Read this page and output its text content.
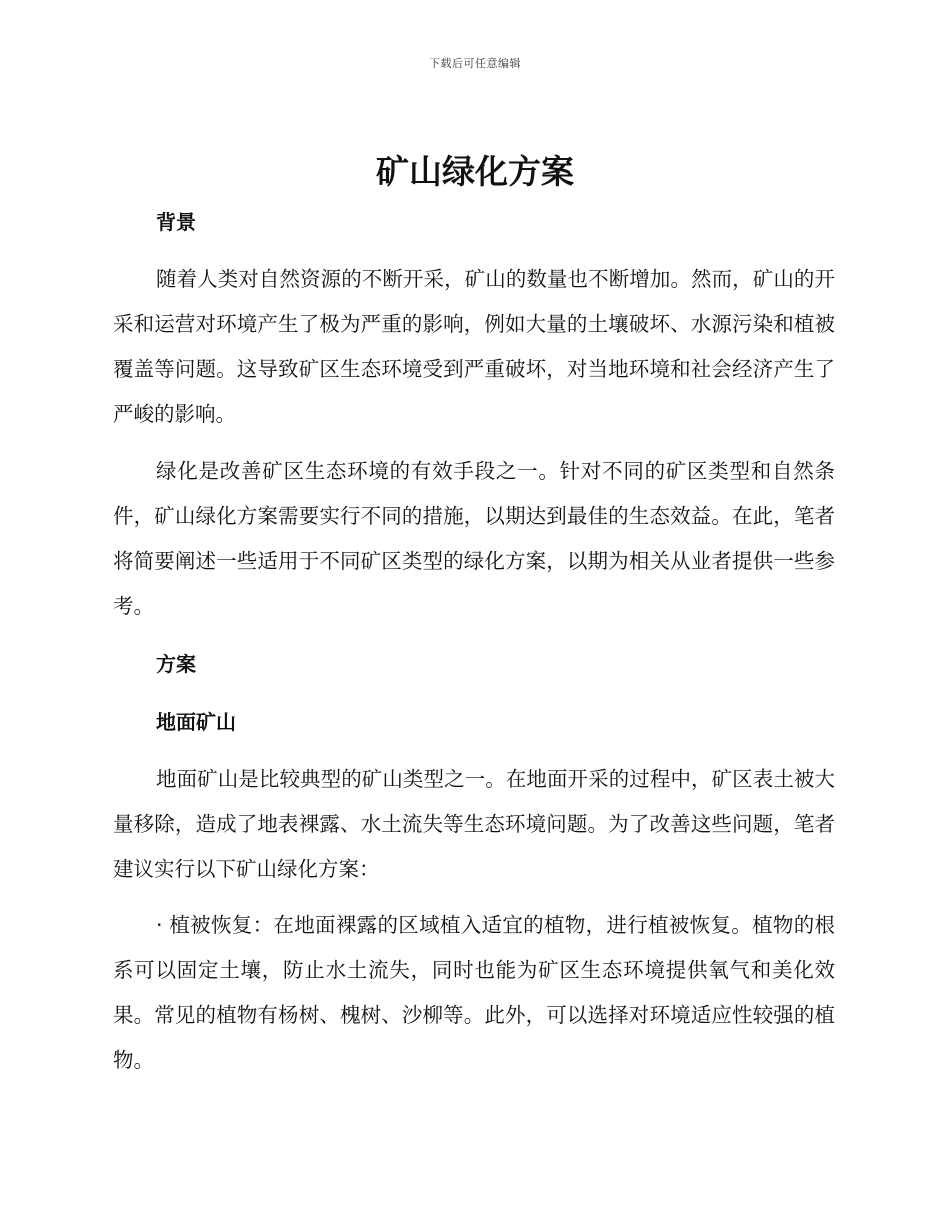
下载后可任意编辑
矿山绿化方案
背景

随着人类对自然资源的不断开采，矿山的数量也不断增加。然而，矿山的开采和运营对环境产生了极为严重的影响，例如大量的土壤破坏、水源污染和植被覆盖等问题。这导致矿区生态环境受到严重破坏，对当地环境和社会经济产生了严峻的影响。

绿化是改善矿区生态环境的有效手段之一。针对不同的矿区类型和自然条件，矿山绿化方案需要实行不同的措施，以期达到最佳的生态效益。在此，笔者将简要阐述一些适用于不同矿区类型的绿化方案，以期为相关从业者提供一些参考。

方案
地面矿山

地面矿山是比较典型的矿山类型之一。在地面开采的过程中，矿区表土被大量移除，造成了地表裸露、水土流失等生态环境问题。为了改善这些问题，笔者建议实行以下矿山绿化方案：

· 植被恢复：在地面裸露的区域植入适宜的植物，进行植被恢复。植物的根系可以固定土壤，防止水土流失，同时也能为矿区生态环境提供氧气和美化效果。常见的植物有杨树、槐树、沙柳等。此外，可以选择对环境适应性较强的植物。
